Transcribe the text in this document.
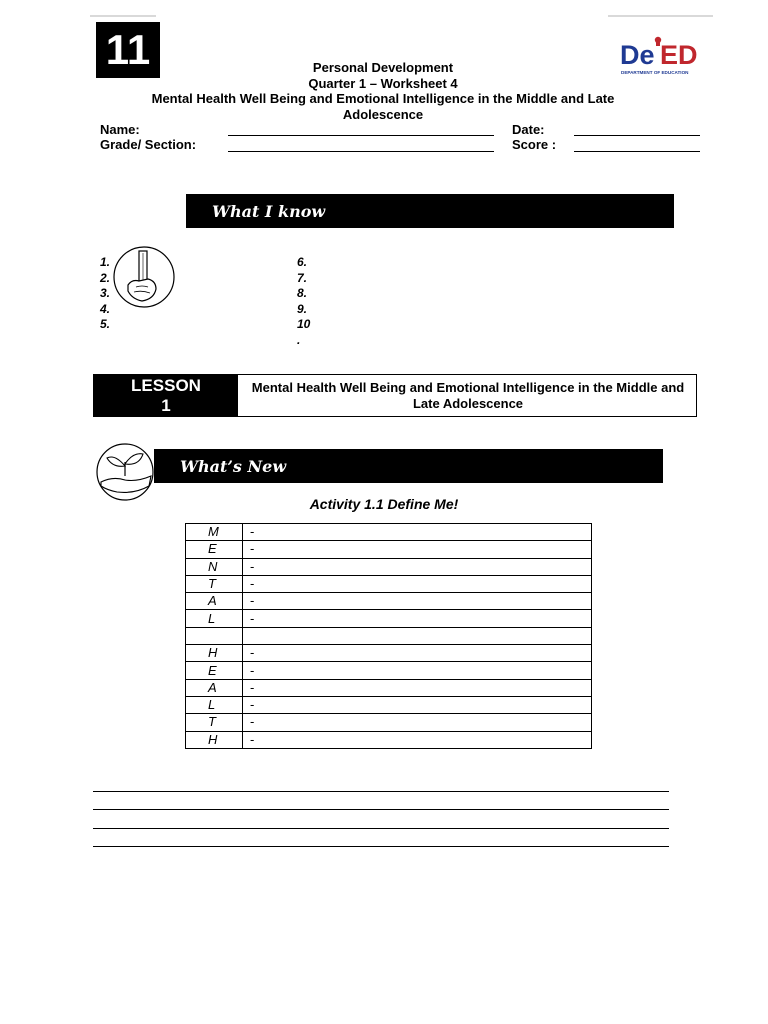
11	Personal Development
Quarter 1 – Worksheet 4
Mental Health Well Being and Emotional Intelligence in the Middle and Late Adolescence
De ED
DEPARTMENT OF EDUCATION
Name:	Date:
Grade/ Section:	Score :
What I know
1.
2.
3.
4.
5.
6.
7.
8.
9.
10
.
LESSON
1
Mental Health Well Being and Emotional Intelligence in the Middle and Late Adolescence
What’s New
Activity 1.1 Define Me!
M	-
E	-
N	-
T	-
A	-
L	-

H	-
E	-
A	-
L	-
T	-
H	-
